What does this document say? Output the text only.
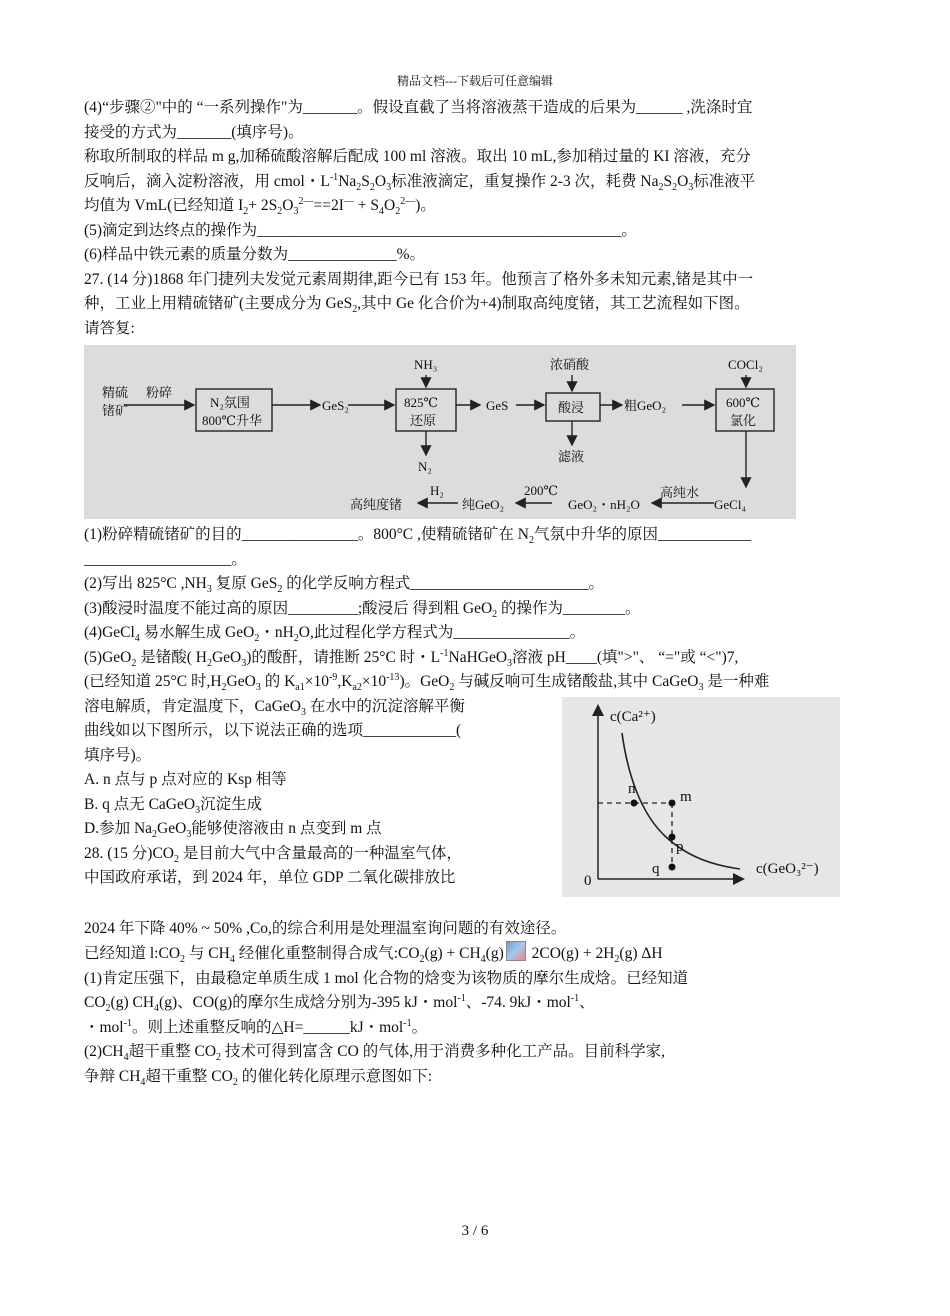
精品文档---下载后可任意编辑
(4)“步骤②"中的 “一系列操作"为_______。假设直截了当将溶液蒸干造成的后果为______ ,洗涤时宜
接受的方式为_______(填序号)。
称取所制取的样品 m g,加稀硫酸溶解后配成 100 ml 溶液。取出 10 mL,参加稍过量的 KI 溶液，充分
反响后，滴入淀粉溶液，用 cmol・$L^{-1}Na_2S_2O_3$标准液滴定，重复操作 2-3 次，耗费 $Na_2S_2O_3$标准液平
均值为 VmL(已经知道 $I_2+ 2S_2O_3^{2—}==2I^— + S_4O_2^{2—}$)。
(5)滴定到达终点的操作为_______________________________________________。
(6)样品中铁元素的质量分数为______________%。
27. (14 分)1868 年门捷列夫发觉元素周期律,距今已有 153 年。他预言了格外多未知元素,锗是其中一
种，工业上用精硫锗矿(主要成分为 GeS$_2$,其中 Ge 化合价为+4)制取高纯度锗，其工艺流程如下图。
请答复:
精硫
锗矿
粉碎
N₂氛围
800℃升华
GeS₂
NH₃
825℃
还原
N₂
GeS
浓硝酸
酸浸
滤液
粗GeO₂
COCl₂
600℃
氯化
GeCl₄
高纯水
GeO₂・nH₂O
200℃
纯GeO₂
H₂
高纯度锗
(1)粉碎精硫锗矿的目的_______________。800°C ,使精硫锗矿在 $N_2$气氛中升华的原因____________
___________________。
(2)写出 825°C $,NH_3$ 复原 GeS$_2$ 的化学反响方程式_______________________。
(3)酸浸时温度不能过高的原因_________;酸浸后 得到粗 GeO$_2$ 的操作为________。
(4)GeCl$_4$ 易水解生成 GeO$_2$・$nH_2O$,此过程化学方程式为_______________。
(5)GeO$_2$ 是锗酸( $H_2GeO_3$)的酸酐，请推断 25°C 时・$L^{-1}NaHGeO_3$溶液 pH____(填">"、 “="或 “<")7,
(已经知道 25°C 时$,H_2GeO_3$ 的 $K_{a1}\times 10^{-9},K_{a2}\times 10^{-13}$)。GeO$_2$ 与碱反响可生成锗酸盐,其中 CaGeO$_3$ 是一种难
溶电解质，肯定温度下，CaGeO$_3$ 在水中的沉淀溶解平衡
曲线如以下图所示，以下说法正确的选项____________(
填序号)。
A. n 点与 p 点对应的 Ksp 相等
B. q 点无 CaGeO$_3$沉淀生成
D.参加 $Na_2GeO_3$能够使溶液由 n 点变到 m 点
28. (15 分)$CO_2$ 是目前大气中含量最高的一种温室气体，
中国政府承诺，到 2024 年，单位 GDP 二氧化碳排放比
c(Ca²⁺)
c(GeO₃²⁻)
0
n	m
p
q
2024 年下降 40% ~ 50% ,Co,的综合利用是处理温室询问题的有效途径。
已经知道 $l:CO_2$ 与 $CH_4$ 经催化重整制得合成气$:CO_2(g) + CH_4(g) 2CO(g) + 2H_2(g)$ ΔH
(1)肯定压强下，由最稳定单质生成 1 mol 化合物的焓变为该物质的摩尔生成焓。已经知道
$CO_2(g)$ $CH_4(g)$、CO(g)的摩尔生成焓分别为-395 kJ・mol$^{-1}$、-74. 9kJ・mol$^{-1}$、
・mol$^{-1}$。则上述重整反响的△H=______kJ・mol$^{-1}$。
$(2)CH_4$超干重整 $CO_2$ 技术可得到富含 CO 的气体,用于消费多种化工产品。目前科学家,
争辩 $CH_4$超干重整 $CO_2$ 的催化转化原理示意图如下:
3 / 6
